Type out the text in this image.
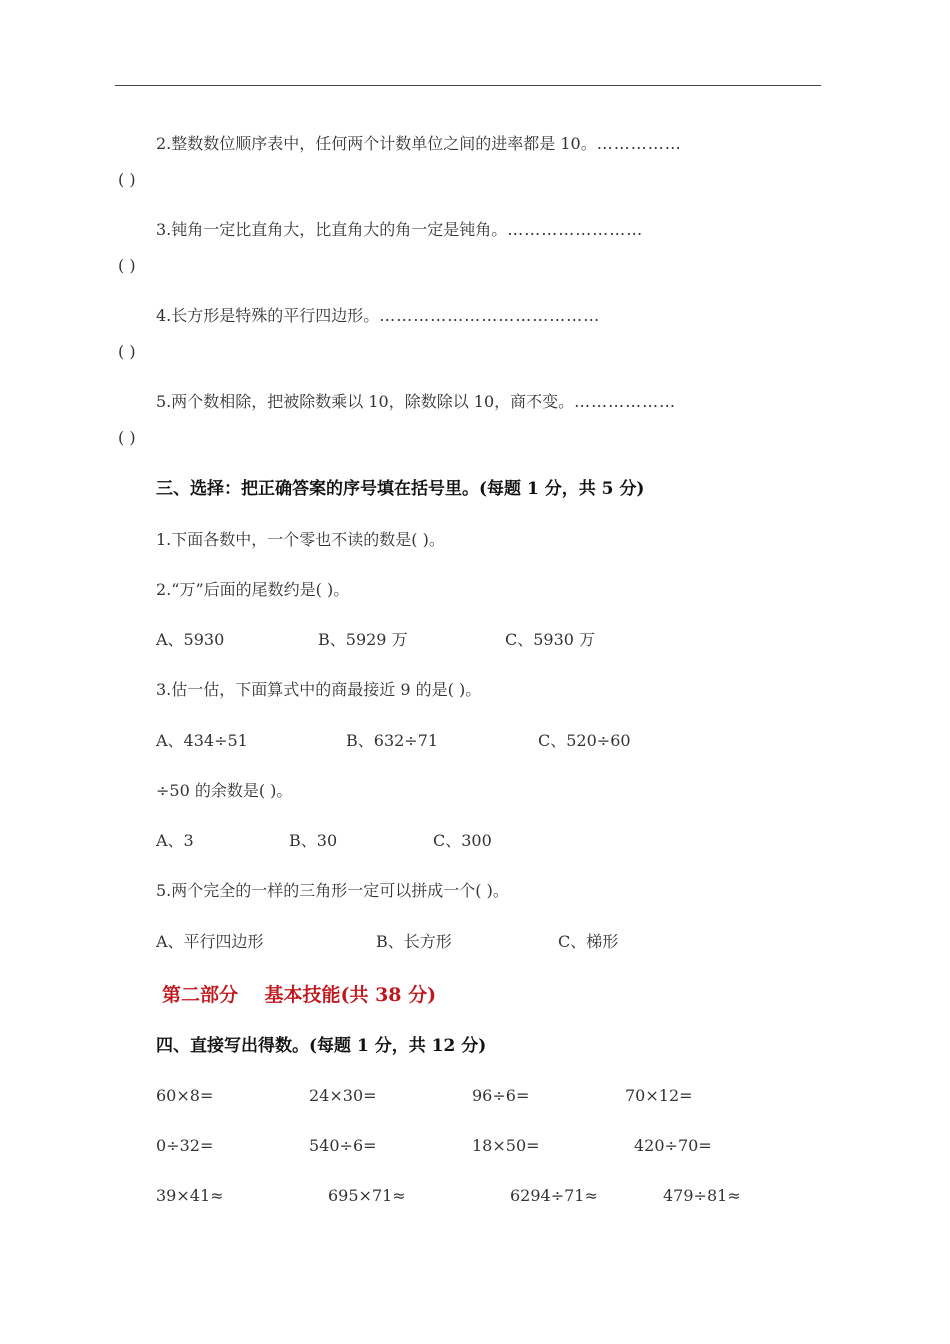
2.整数数位顺序表中，任何两个计数单位之间的进率都是 10。……………
( )
3.钝角一定比直角大，比直角大的角一定是钝角。……………………
( )
4.长方形是特殊的平行四边形。…………………………………
( )
5.两个数相除，把被除数乘以 10，除数除以 10，商不变。………………
( )
三、选择：把正确答案的序号填在括号里。(每题 1 分，共 5 分)
1.下面各数中，一个零也不读的数是( )。
2.“万”后面的尾数约是( )。
A、5930	B、5929 万	C、5930 万
3.估一估，下面算式中的商最接近 9 的是( )。
A、434÷51	B、632÷71	C、520÷60
÷50 的余数是( )。
A、3	B、30	C、300
5.两个完全的一样的三角形一定可以拼成一个( )。
A、平行四边形	B、长方形	C、梯形
第二部分    基本技能(共 38 分)
四、直接写出得数。(每题 1 分，共 12 分)
60×8=	24×30=	96÷6=	70×12=
0÷32=	540÷6=	18×50=	420÷70=
39×41≈	695×71≈	6294÷71≈	479÷81≈
